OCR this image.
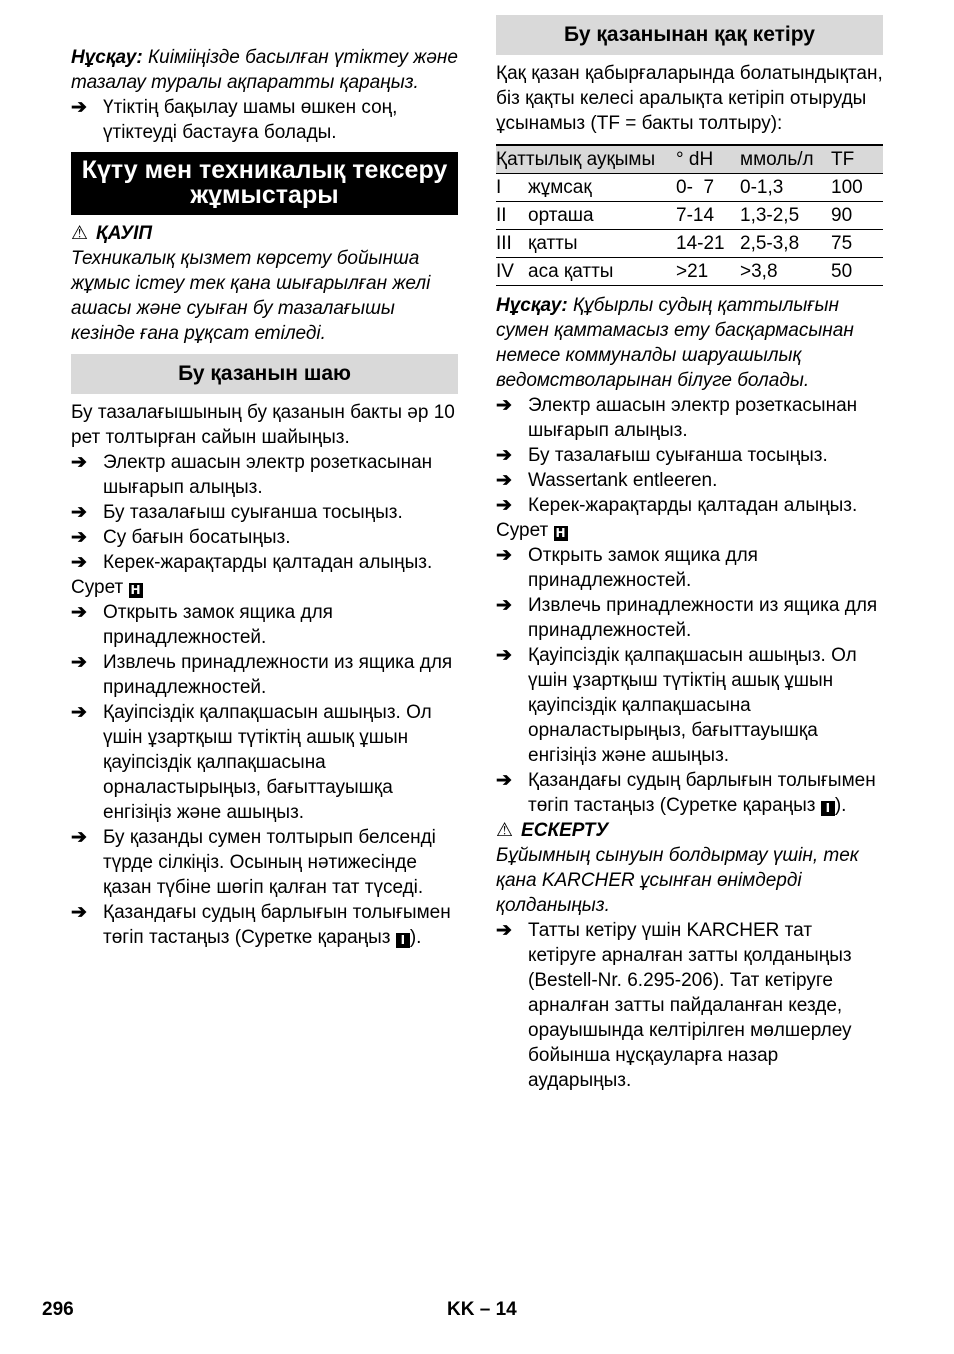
Нұсқау: Киімііңізде басылған үтіктеу және тазалау туралы ақпаратты қараңыз.

➔ Үтіктің бақылау шамы өшкен соң, үтіктеуді бастауға болады.
Күту мен техникалық тексеру жұмыстары
⚠ ҚАУІП

Техникалық қызмет көрсету бойынша жұмыс істеу тек қана шығарылған желі ашасы және суыған бу тазалағышы кезінде ғана рұқсат етіледі.

Бу қазанын шаю

Бу тазалағышының бу қазанын бакты әр 10 рет толтырған сайын шайыңыз.

➔ Электр ашасын электр розеткасынан шығарып алыңыз.
➔ Бу тазалағыш суығанша тосыңыз.
➔ Су бағын босатыңыз.
➔ Керек-жарақтарды қалтадан алыңыз.

Сурет H

➔ Открыть замок ящика для принадлежностей.
➔ Извлечь принадлежности из ящика для принадлежностей.
➔ Қауіпсіздік қалпақшасын ашыңыз. Ол үшін ұзартқыш түтіктің ашық ұшын қауіпсіздік қалпақшасына орналастырыңыз, бағыттауышқа енгізіңіз және ашыңыз.
➔ Бу қазанды сумен толтырып белсенді түрде сілкіңіз. Осының нәтижесінде қазан түбіне шөгіп қалған тат түседі.
➔ Қазандағы судың барлығын толығымен төгіп тастаңыз (Суретке қараңыз I ).
Бу қазанынан қақ кетіру

Қақ қазан қабырғаларында болатындықтан, біз қақты келесі аралықта кетіріп отыруды ұсынамыз (TF = бакты толтыру):

Қаттылық ауқымы		° dH	ммоль/л	TF
I	жұмсақ	0-  7	0-1,3	100
II	орташа	7-14	1,3-2,5	90
III	қатты	14-21	2,5-3,8	75
IV	аса қатты	>21	>3,8	50

Нұсқау: Құбырлы судың қаттылығын сумен қамтамасыз ету басқармасынан немесе коммуналды шаруашылық ведомстволарынан білуге болады.

➔ Электр ашасын электр розеткасынан шығарып алыңыз.
➔ Бу тазалағыш суығанша тосыңыз.
➔ Wassertank entleeren.
➔ Керек-жарақтарды қалтадан алыңыз.

Сурет H

➔ Открыть замок ящика для принадлежностей.
➔ Извлечь принадлежности из ящика для принадлежностей.
➔ Қауіпсіздік қалпақшасын ашыңыз. Ол үшін ұзартқыш түтіктің ашық ұшын қауіпсіздік қалпақшасына орналастырыңыз, бағыттауышқа енгізіңіз және ашыңыз.
➔ Қазандағы судың барлығын толығымен төгіп тастаңыз (Суретке қараңыз I ).
⚠ ЕСКЕРТУ

Бұйымның сынуын болдырмау үшін, тек қана KARCHER ұсынған өнімдерді қолданыңыз.

➔ Татты кетіру үшін KARCHER тат кетіруге арналған затты қолданыңыз (Bestell-Nr. 6.295-206). Тат кетіруге арналған затты пайдаланған кезде, орауышында келтірілген мөлшерлеу бойынша нұсқауларға назар аударыңыз.
296	KK – 14
